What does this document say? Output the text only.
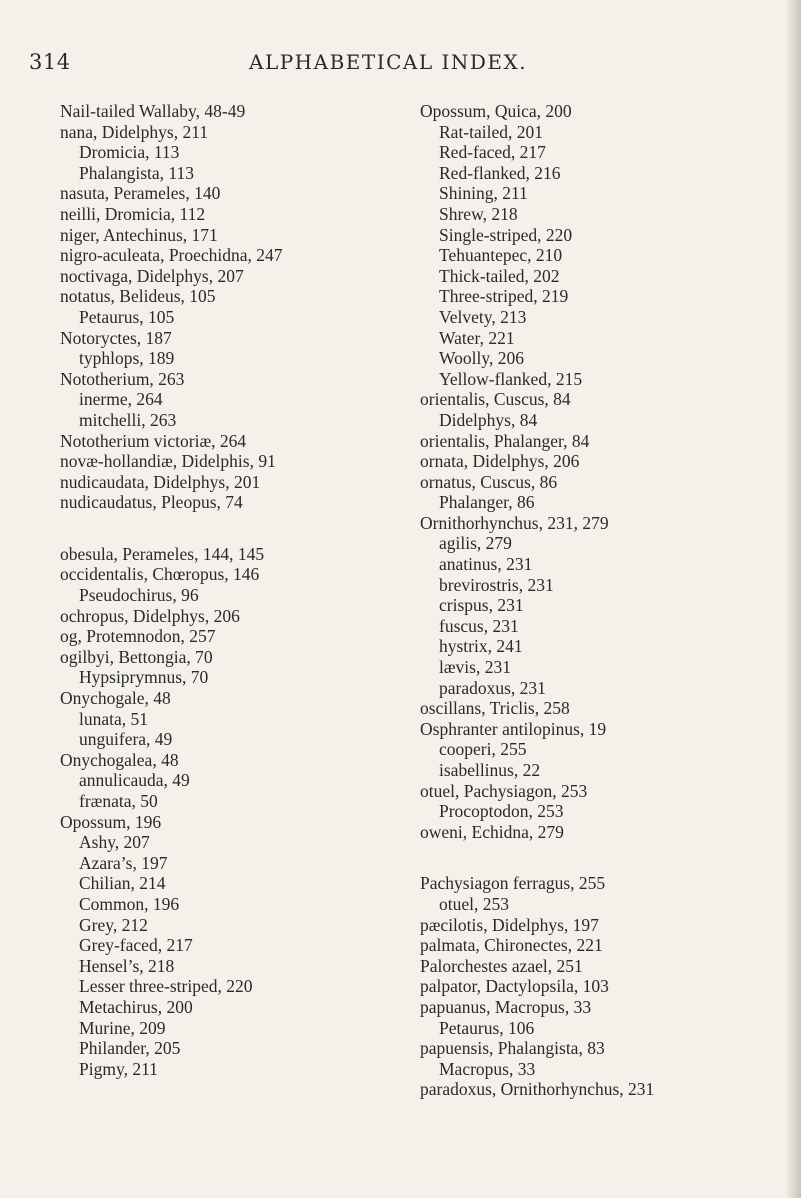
314	ALPHABETICAL INDEX.
Nail-tailed Wallaby, 48-49
nana, Didelphys, 211
Dromicia, 113
Phalangista, 113
nasuta, Perameles, 140
neilli, Dromicia, 112
niger, Antechinus, 171
nigro-aculeata, Proechidna, 247
noctivaga, Didelphys, 207
notatus, Belideus, 105
Petaurus, 105
Notoryctes, 187
typhlops, 189
Nototherium, 263
inerme, 264
mitchelli, 263
Nototherium victoriæ, 264
novæ-hollandiæ, Didelphis, 91
nudicaudata, Didelphys, 201
nudicaudatus, Pleopus, 74
obesula, Perameles, 144, 145
occidentalis, Chœropus, 146
Pseudochirus, 96
ochropus, Didelphys, 206
og, Protemnodon, 257
ogilbyi, Bettongia, 70
Hypsiprymnus, 70
Onychogale, 48
lunata, 51
unguifera, 49
Onychogalea, 48
annulicauda, 49
frænata, 50
Opossum, 196
Ashy, 207
Azara’s, 197
Chilian, 214
Common, 196
Grey, 212
Grey-faced, 217
Hensel’s, 218
Lesser three-striped, 220
Metachirus, 200
Murine, 209
Philander, 205
Pigmy, 211
Opossum, Quica, 200
Rat-tailed, 201
Red-faced, 217
Red-flanked, 216
Shining, 211
Shrew, 218
Single-striped, 220
Tehuantepec, 210
Thick-tailed, 202
Three-striped, 219
Velvety, 213
Water, 221
Woolly, 206
Yellow-flanked, 215
orientalis, Cuscus, 84
Didelphys, 84
orientalis, Phalanger, 84
ornata, Didelphys, 206
ornatus, Cuscus, 86
Phalanger, 86
Ornithorhynchus, 231, 279
agilis, 279
anatinus, 231
brevirostris, 231
crispus, 231
fuscus, 231
hystrix, 241
lævis, 231
paradoxus, 231
oscillans, Triclis, 258
Osphranter antilopinus, 19
cooperi, 255
isabellinus, 22
otuel, Pachysiagon, 253
Procoptodon, 253
oweni, Echidna, 279
Pachysiagon ferragus, 255
otuel, 253
pæcilotis, Didelphys, 197
palmata, Chironectes, 221
Palorchestes azael, 251
palpator, Dactylopsila, 103
papuanus, Macropus, 33
Petaurus, 106
papuensis, Phalangista, 83
Macropus, 33
paradoxus, Ornithorhynchus, 231
